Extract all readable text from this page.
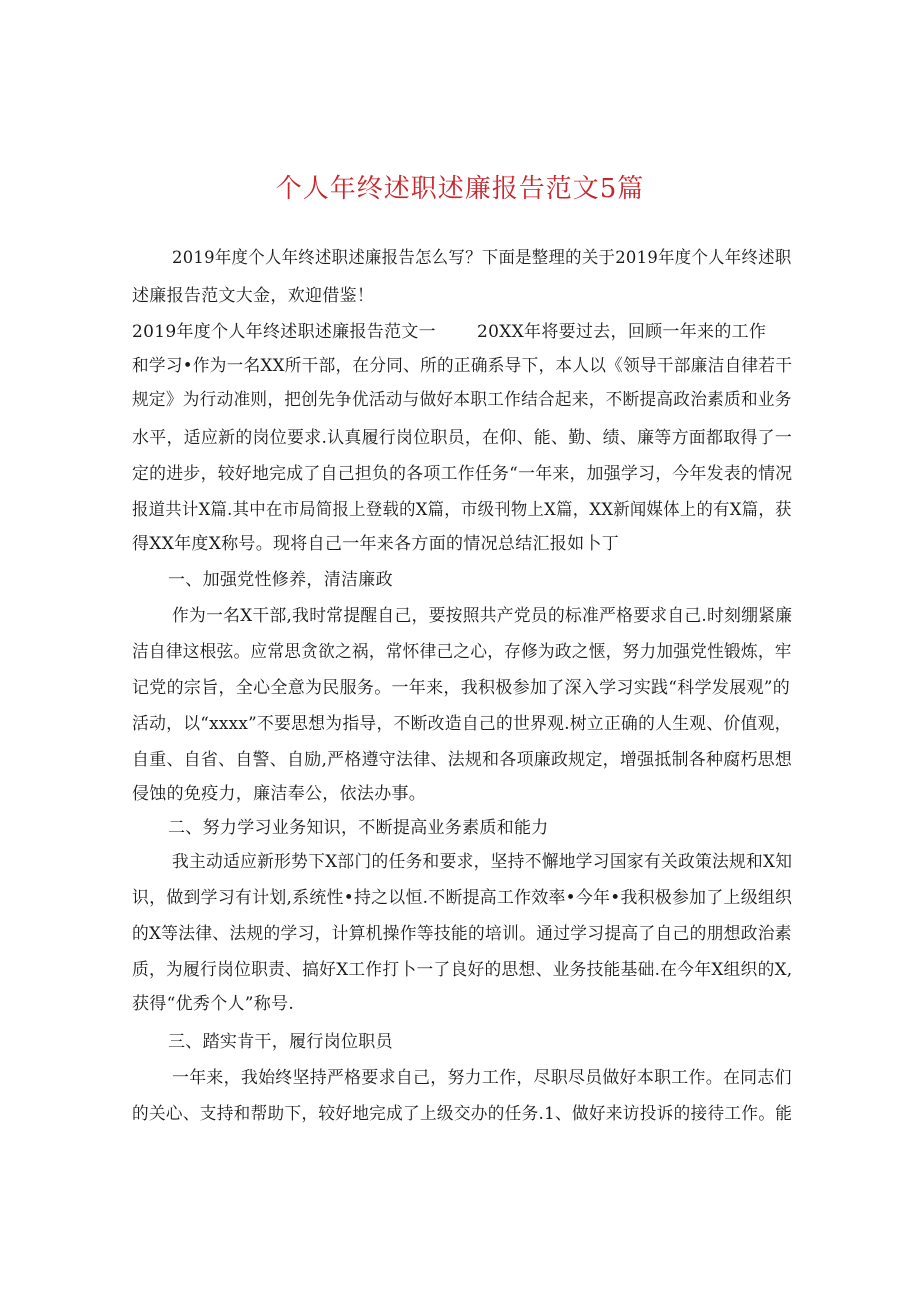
个人年终述职述廉报告范文5篇
2019年度个人年终述职述廉报告怎么写？下面是整理的关于2019年度个人年终述职
述廉报告范文大金，欢迎借鉴！
2019年度个人年终述职述廉报告范文一 20XX年将要过去，回顾一年来的工作
和学习•作为一名XX所干部，在分同、所的正确系导下，本人以《领导干部廉洁自律若干
规定》为行动准则，把创先争优活动与做好本职工作结合起来，不断提高政治素质和业务
水平，适应新的岗位要求.认真履行岗位职员，在仰、能、勤、绩、廉等方面都取得了一
定的进步，较好地完成了自己担负的各项工作任务“一年来，加强学习，今年发表的情况
报道共计X篇.其中在市局简报上登载的X篇，市级刊物上X篇，XX新闻媒体上的有X篇，获
得XX年度X称号。现将自己一年来各方面的情况总结汇报如卜丁
一、加强党性修养，清洁廉政
作为一名X干部,我时常提醒自己，要按照共产党员的标准严格要求自己.时刻绷紧廉
洁自律这根弦。应常思贪欲之祸，常怀律己之心，存修为政之惬，努力加强党性锻炼，牢
记党的宗旨，全心全意为民服务。一年来，我积极参加了深入学习实践“科学发展观”的
活动，以“xxxx”不要思想为指导，不断改造自己的世界观.树立正确的人生观、价值观，
自重、自省、自警、自励,严格遵守法律、法规和各项廉政规定，增强抵制各种腐朽思想
侵蚀的免疫力，廉洁奉公，依法办事。
二、努力学习业务知识，不断提高业务素质和能力
我主动适应新形势下X部门的任务和要求，坚持不懈地学习国家有关政策法规和X知
识，做到学习有计划,系统性•持之以恒.不断提高工作效率•今年•我积极参加了上级组织
的X等法律、法规的学习，计算机操作等技能的培训。通过学习提高了自己的朋想政治素
质，为履行岗位职责、搞好X工作打卜一了良好的思想、业务技能基础.在今年X组织的X,
获得“优秀个人”称号.
三、踏实肯干，履行岗位职员
一年来，我始终坚持严格要求自己，努力工作，尽职尽员做好本职工作。在同志们
的关心、支持和帮助下，较好地完成了上级交办的任务.1、做好来访投诉的接待工作。能
